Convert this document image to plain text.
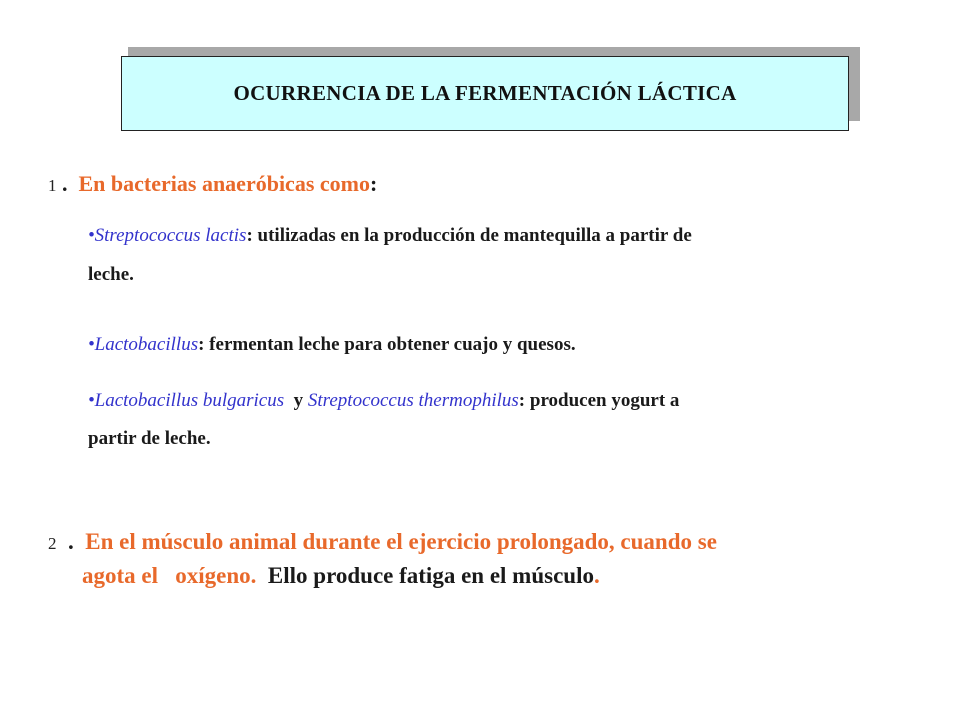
OCURRENCIA DE LA FERMENTACIÓN LÁCTICA
1 .  En bacterias anaeróbicas como:
•Streptococcus lactis: utilizadas en la producción de mantequilla a partir de
leche.
•Lactobacillus: fermentan leche para obtener cuajo y quesos.
•Lactobacillus bulgaricus  y Streptococcus thermophilus: producen yogurt a
partir de leche.
2  .  En el músculo animal durante el ejercicio prolongado, cuando se
agota el   oxígeno.  Ello produce fatiga en el músculo.
